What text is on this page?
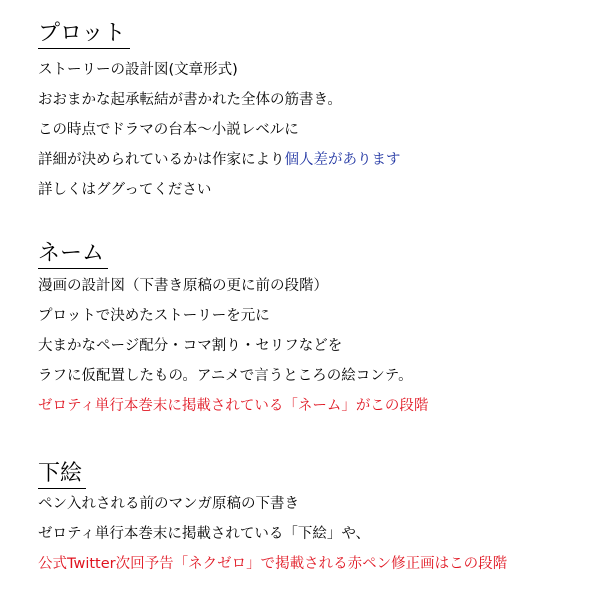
プロット

ストーリーの設計図(文章形式)

おおまかな起承転結が書かれた全体の筋書き。

この時点でドラマの台本〜小説レベルに

詳細が決められているかは作家により個人差があります

詳しくはググってください

ネーム

漫画の設計図（下書き原稿の更に前の段階）

プロットで決めたストーリーを元に

大まかなページ配分・コマ割り・セリフなどを

ラフに仮配置したもの。アニメで言うところの絵コンテ。

ゼロティ単行本巻末に掲載されている「ネーム」がこの段階

下絵

ペン入れされる前のマンガ原稿の下書き

ゼロティ単行本巻末に掲載されている「下絵」や、

公式Twitter次回予告「ネクゼロ」で掲載される赤ペン修正画はこの段階
